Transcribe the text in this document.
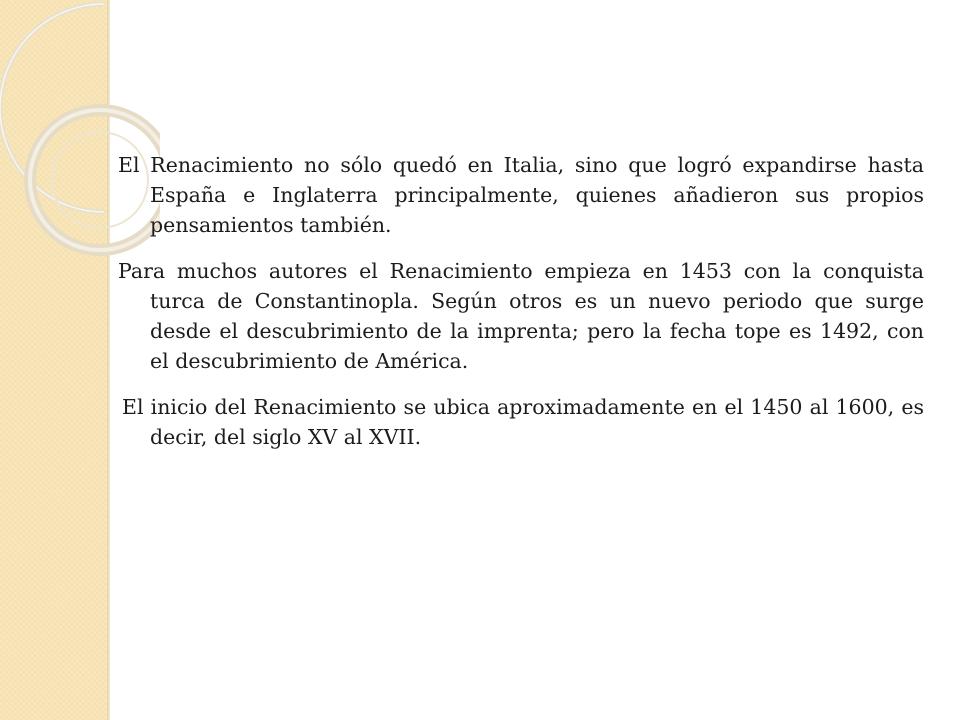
El Renacimiento no sólo quedó en Italia, sino que logró expandirse hasta España e Inglaterra principalmente, quienes añadieron sus propios pensamientos también.

Para muchos autores el Renacimiento empieza en 1453 con la conquista turca de Constantinopla. Según otros es un nuevo periodo que surge desde el descubrimiento de la imprenta; pero la fecha tope es 1492, con el descubrimiento de América.

El inicio del Renacimiento se ubica aproximadamente en el 1450 al 1600, es decir, del siglo XV al XVII.
